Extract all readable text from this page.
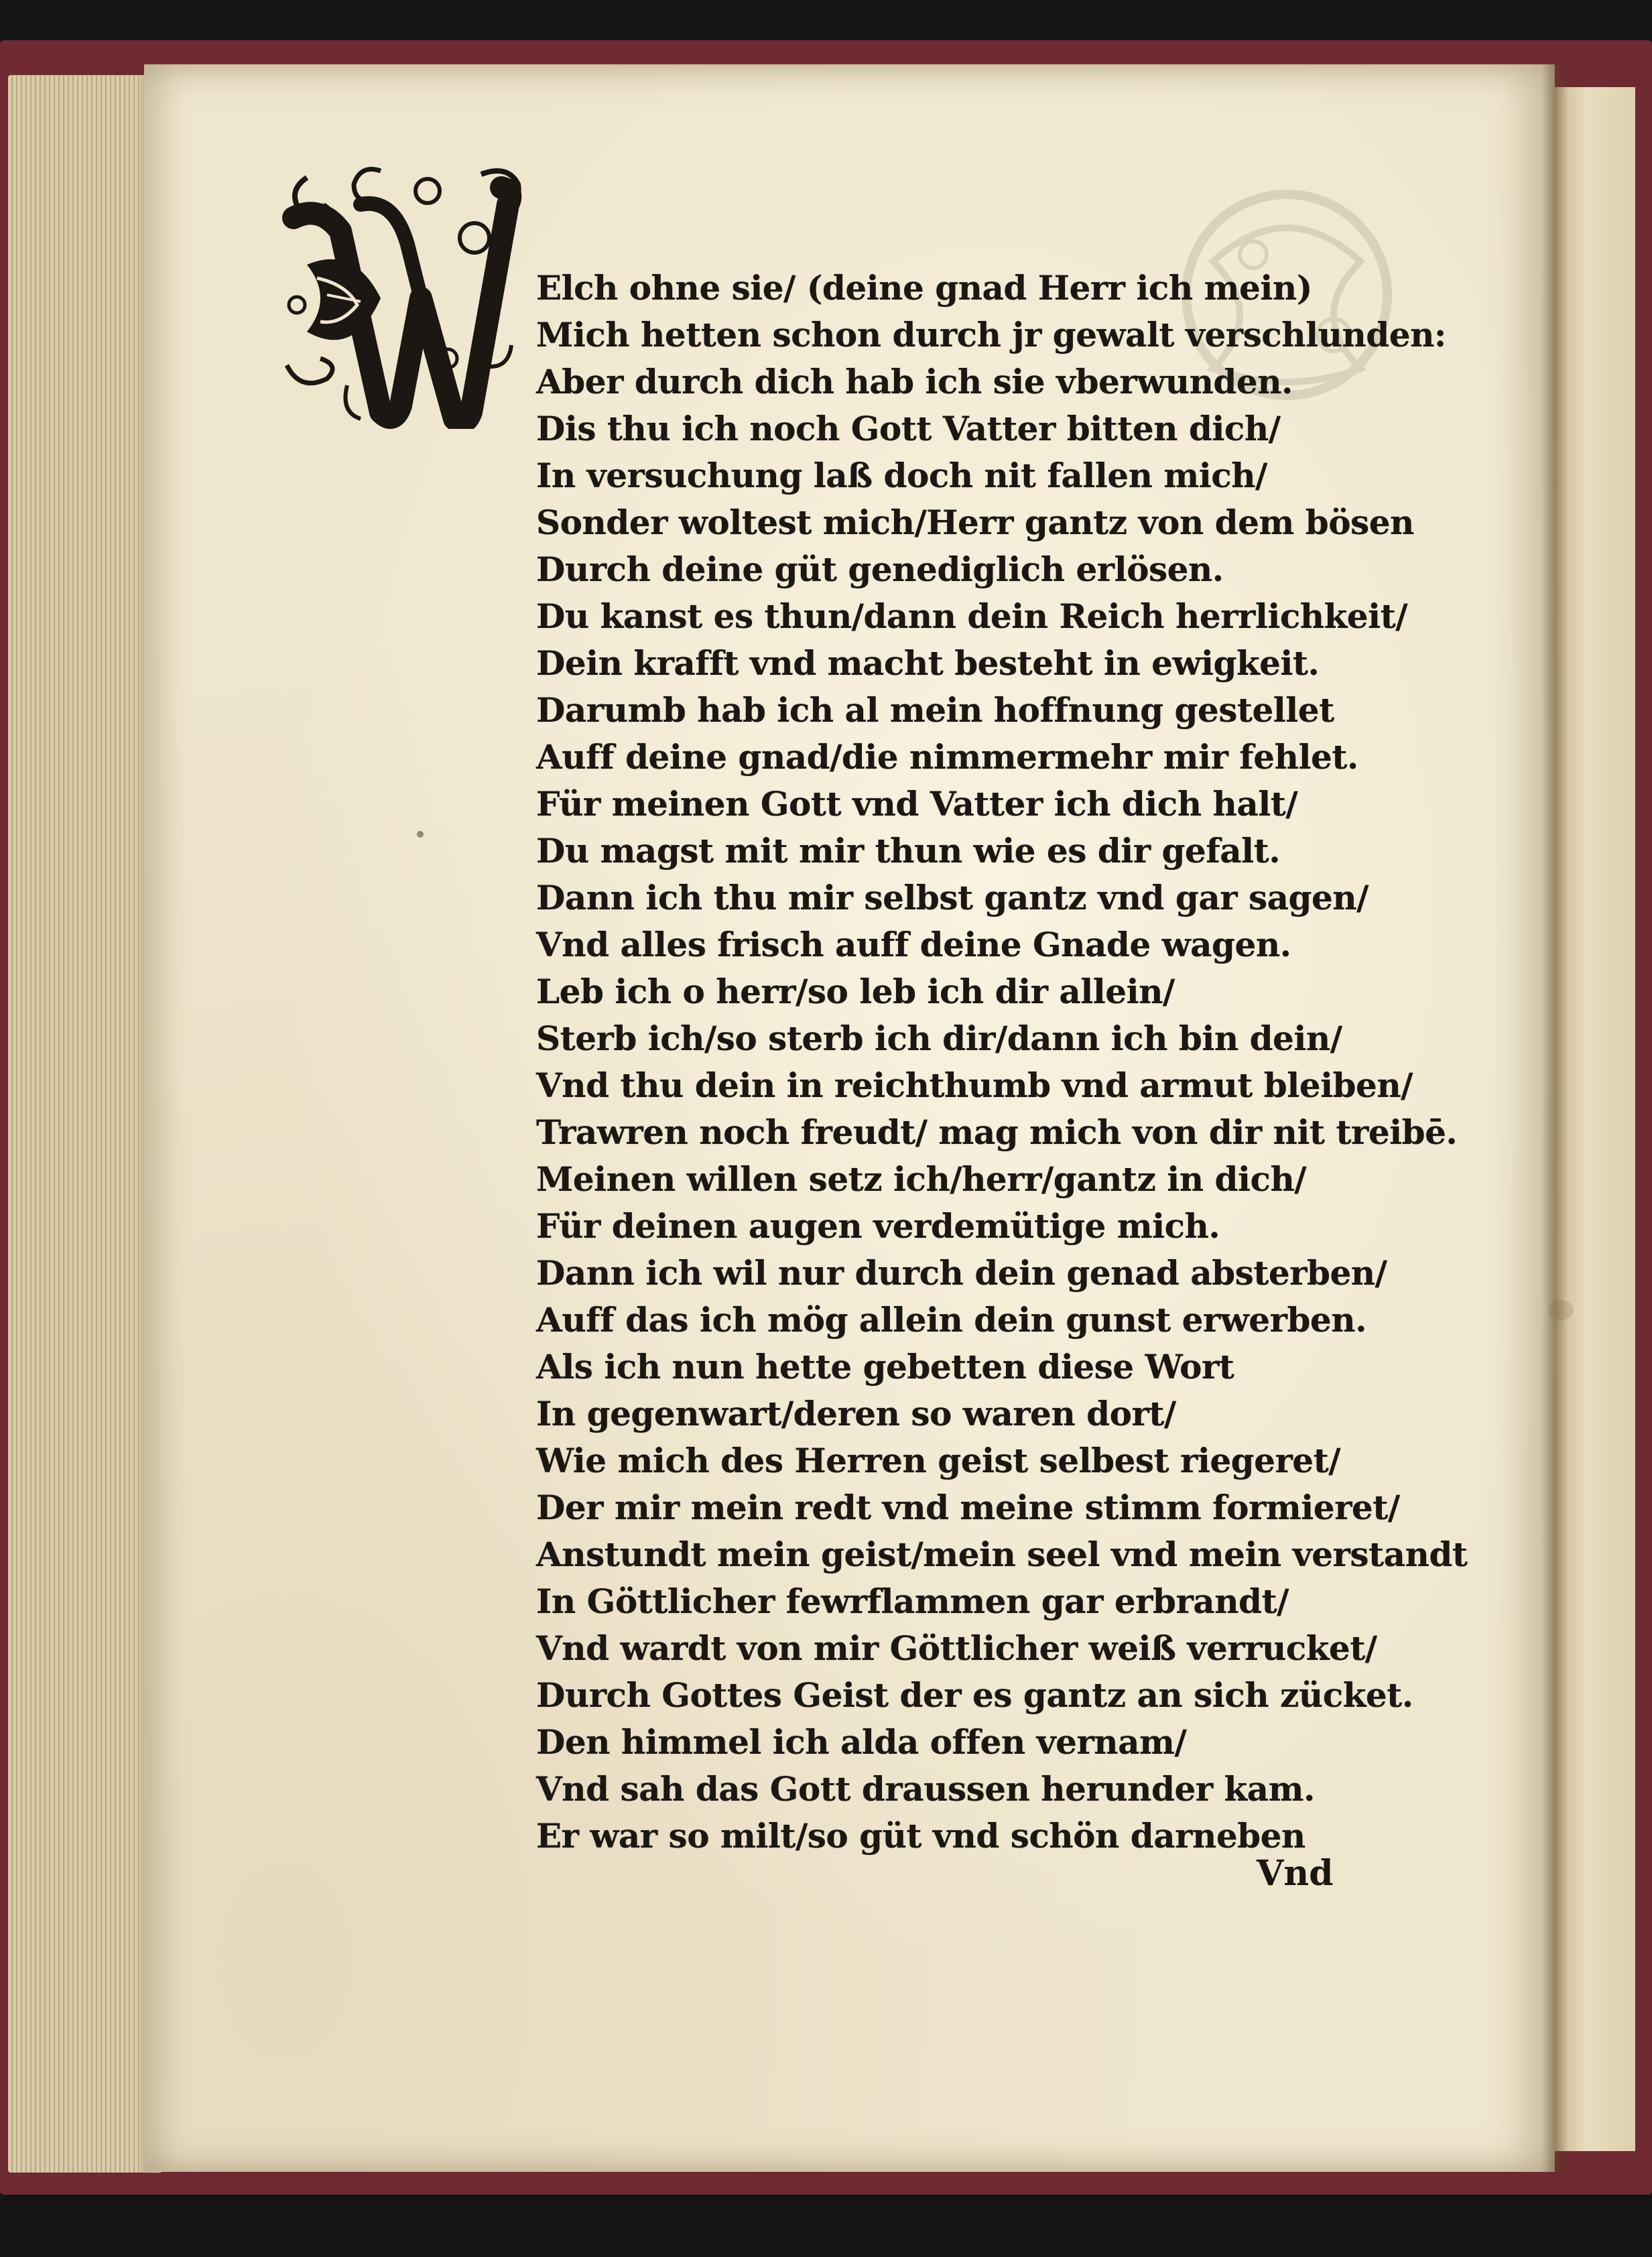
Elch ohne sie/ (deine gnad Herr ich mein)
Mich hetten schon durch jr gewalt verschlunden:
Aber durch dich hab ich sie vberwunden.
Dis thu ich noch Gott Vatter bitten dich/
In versuchung laß doch nit fallen mich/
Sonder woltest mich/Herr gantz von dem bösen
Durch deine güt genediglich erlösen.
Du kanst es thun/dann dein Reich herrlichkeit/
Dein krafft vnd macht besteht in ewigkeit.
Darumb hab ich al mein hoffnung gestellet
Auff deine gnad/die nimmermehr mir fehlet.
Für meinen Gott vnd Vatter ich dich halt/
Du magst mit mir thun wie es dir gefalt.
Dann ich thu mir selbst gantz vnd gar sagen/
Vnd alles frisch auff deine Gnade wagen.
Leb ich o herr/so leb ich dir allein/
Sterb ich/so sterb ich dir/dann ich bin dein/
Vnd thu dein in reichthumb vnd armut bleiben/
Trawren noch freudt/ mag mich von dir nit treibē.
Meinen willen setz ich/herr/gantz in dich/
Für deinen augen verdemütige mich.
Dann ich wil nur durch dein genad absterben/
Auff das ich mög allein dein gunst erwerben.
Als ich nun hette gebetten diese Wort
In gegenwart/deren so waren dort/
Wie mich des Herren geist selbest riegeret/
Der mir mein redt vnd meine stimm formieret/
Anstundt mein geist/mein seel vnd mein verstandt
In Göttlicher fewrflammen gar erbrandt/
Vnd wardt von mir Göttlicher weiß verrucket/
Durch Gottes Geist der es gantz an sich zücket.
Den himmel ich alda offen vernam/
Vnd sah das Gott draussen herunder kam.
Er war so milt/so güt vnd schön darneben
Vnd
